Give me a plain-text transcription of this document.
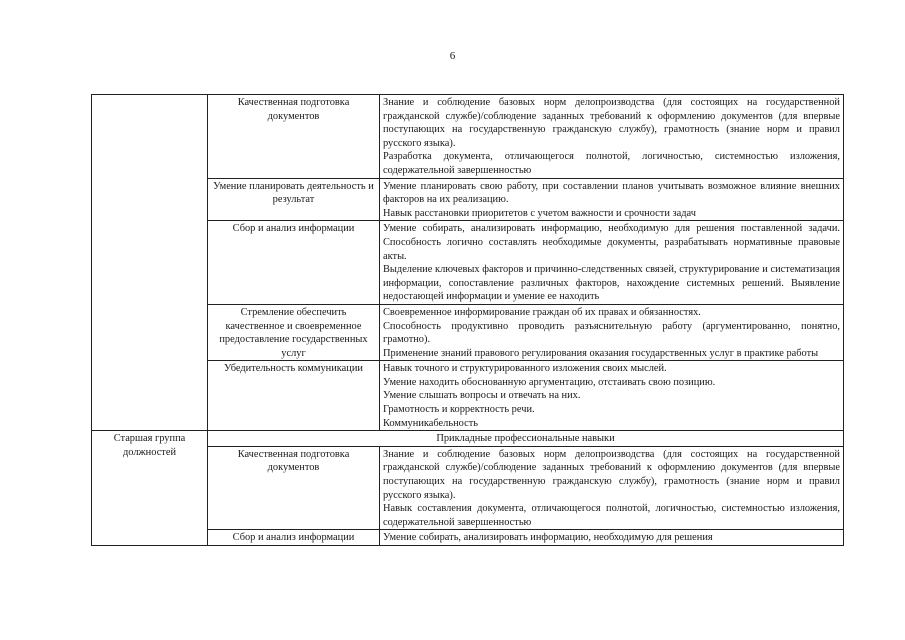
6
	Качественная подготовка документов	Знание и соблюдение базовых норм делопроизводства (для состоящих на государственной гражданской службе)/соблюдение заданных требований к оформлению документов (для впервые поступающих на государственную гражданскую службу), грамотность (знание норм и правил русского языка).
Разработка документа, отличающегося полнотой, логичностью, системностью изложения, содержательной завершенностью

	Умение планировать деятельность и результат	Умение планировать свою работу, при составлении планов учитывать возможное влияние внешних факторов на их реализацию.
Навык расстановки приоритетов с учетом важности и срочности задач

	Сбор и анализ информации	Умение собирать, анализировать информацию, необходимую для решения поставленной задачи. Способность логично составлять необходимые документы, разрабатывать нормативные правовые акты.
Выделение ключевых факторов и причинно-следственных связей, структурирование и систематизация информации, сопоставление различных факторов, нахождение системных решений. Выявление недостающей информации и умение ее находить

	Стремление обеспечить качественное и своевременное предоставление государственных услуг	Своевременное информирование граждан об их правах и обязанностях.
Способность продуктивно проводить разъяснительную работу (аргументированно, понятно, грамотно).
Применение знаний правового регулирования оказания государственных услуг в практике работы

	Убедительность коммуникации	Навык точного и структурированного изложения своих мыслей.
Умение находить обоснованную аргументацию, отстаивать свою позицию.
Умение слышать вопросы и отвечать на них.
Грамотность и корректность речи.
Коммуникабельность

Старшая группа должностей	Прикладные профессиональные навыки	
	Качественная подготовка документов	Знание и соблюдение базовых норм делопроизводства (для состоящих на государственной гражданской службе)/соблюдение заданных требований к оформлению документов (для впервые поступающих на государственную гражданскую службу), грамотность (знание норм и правил русского языка).
Навык составления документа, отличающегося полнотой, логичностью, системностью изложения, содержательной завершенностью

	Сбор и анализ информации	Умение собирать, анализировать информацию, необходимую для решения
